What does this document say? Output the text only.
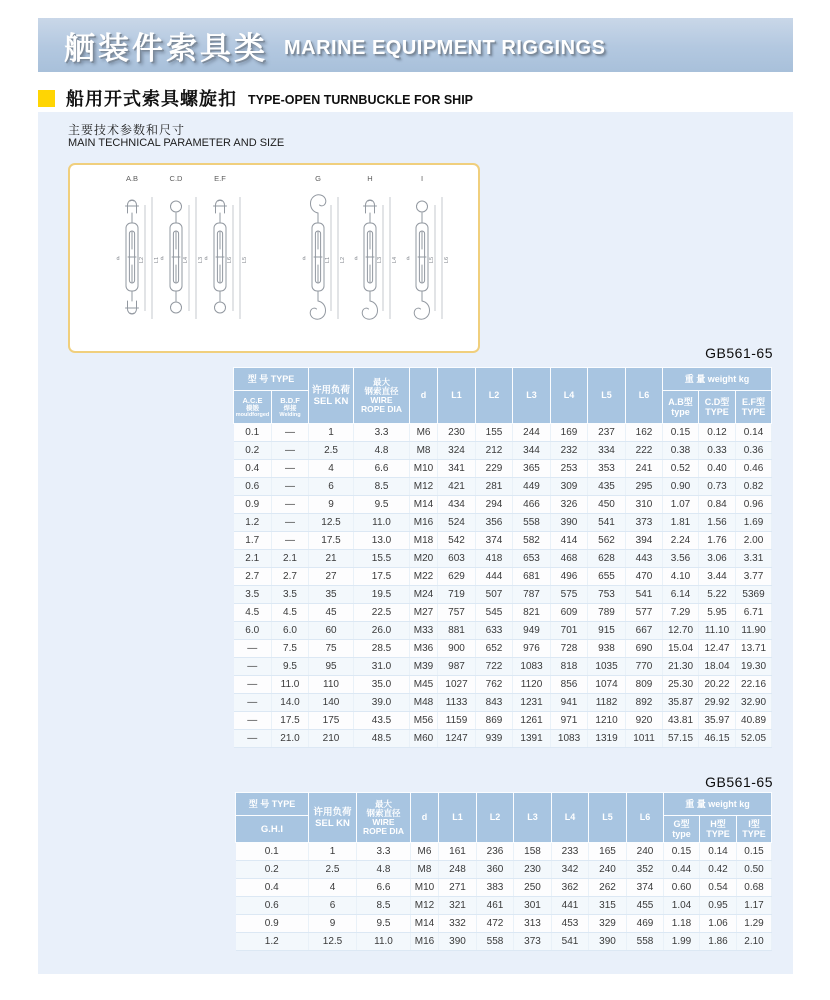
舾装件索具类 MARINE EQUIPMENT RIGGINGS
船用开式索具螺旋扣 TYPE-OPEN TURNBUCKLE FOR SHIP
主要技术参数和尺寸
MAIN TECHNICAL PARAMETER AND SIZE
A.B
L2 L1
d
C.D
L4 L3
d
E.F
L6 L5
d
G
L1 L2
d
H
L3 L4
d
I
L5 L6
d
GB561-65
型 号 TYPE

许用负荷
SEL KN

最大
钢索直径
WIRE
ROPE DIA

d	L1	L2	L3	L4	L5	L6

重 量 weight kg

A.C.E
模锻
mouldforged

B.D.F
焊接
Welding

A.B型
type

C.D型
TYPE

E.F型
TYPE

0.1	—	1	3.3	M6	230	155	244	169	237	162	0.15	0.12	0.14
0.2	—	2.5	4.8	M8	324	212	344	232	334	222	0.38	0.33	0.36
0.4	—	4	6.6	M10	341	229	365	253	353	241	0.52	0.40	0.46
0.6	—	6	8.5	M12	421	281	449	309	435	295	0.90	0.73	0.82
0.9	—	9	9.5	M14	434	294	466	326	450	310	1.07	0.84	0.96
1.2	—	12.5	11.0	M16	524	356	558	390	541	373	1.81	1.56	1.69
1.7	—	17.5	13.0	M18	542	374	582	414	562	394	2.24	1.76	2.00
2.1	2.1	21	15.5	M20	603	418	653	468	628	443	3.56	3.06	3.31
2.7	2.7	27	17.5	M22	629	444	681	496	655	470	4.10	3.44	3.77
3.5	3.5	35	19.5	M24	719	507	787	575	753	541	6.14	5.22	5369
4.5	4.5	45	22.5	M27	757	545	821	609	789	577	7.29	5.95	6.71
6.0	6.0	60	26.0	M33	881	633	949	701	915	667	12.70	11.10	11.90
—	7.5	75	28.5	M36	900	652	976	728	938	690	15.04	12.47	13.71
—	9.5	95	31.0	M39	987	722	1083	818	1035	770	21.30	18.04	19.30
—	11.0	110	35.0	M45	1027	762	1120	856	1074	809	25.30	20.22	22.16
—	14.0	140	39.0	M48	1133	843	1231	941	1182	892	35.87	29.92	32.90
—	17.5	175	43.5	M56	1159	869	1261	971	1210	920	43.81	35.97	40.89
—	21.0	210	48.5	M60	1247	939	1391	1083	1319	1011	57.15	46.15	52.05
GB561-65
型 号 TYPE

许用负荷
SEL KN

最大
钢索直径
WIRE
ROPE DIA

d	L1	L2	L3	L4	L5	L6

重 量 weight kg

G.H.I	G型
type

H型
TYPE

I型
TYPE

0.1	1	3.3	M6	161	236	158	233	165	240	0.15	0.14	0.15
0.2	2.5	4.8	M8	248	360	230	342	240	352	0.44	0.42	0.50
0.4	4	6.6	M10	271	383	250	362	262	374	0.60	0.54	0.68
0.6	6	8.5	M12	321	461	301	441	315	455	1.04	0.95	1.17
0.9	9	9.5	M14	332	472	313	453	329	469	1.18	1.06	1.29
1.2	12.5	11.0	M16	390	558	373	541	390	558	1.99	1.86	2.10
